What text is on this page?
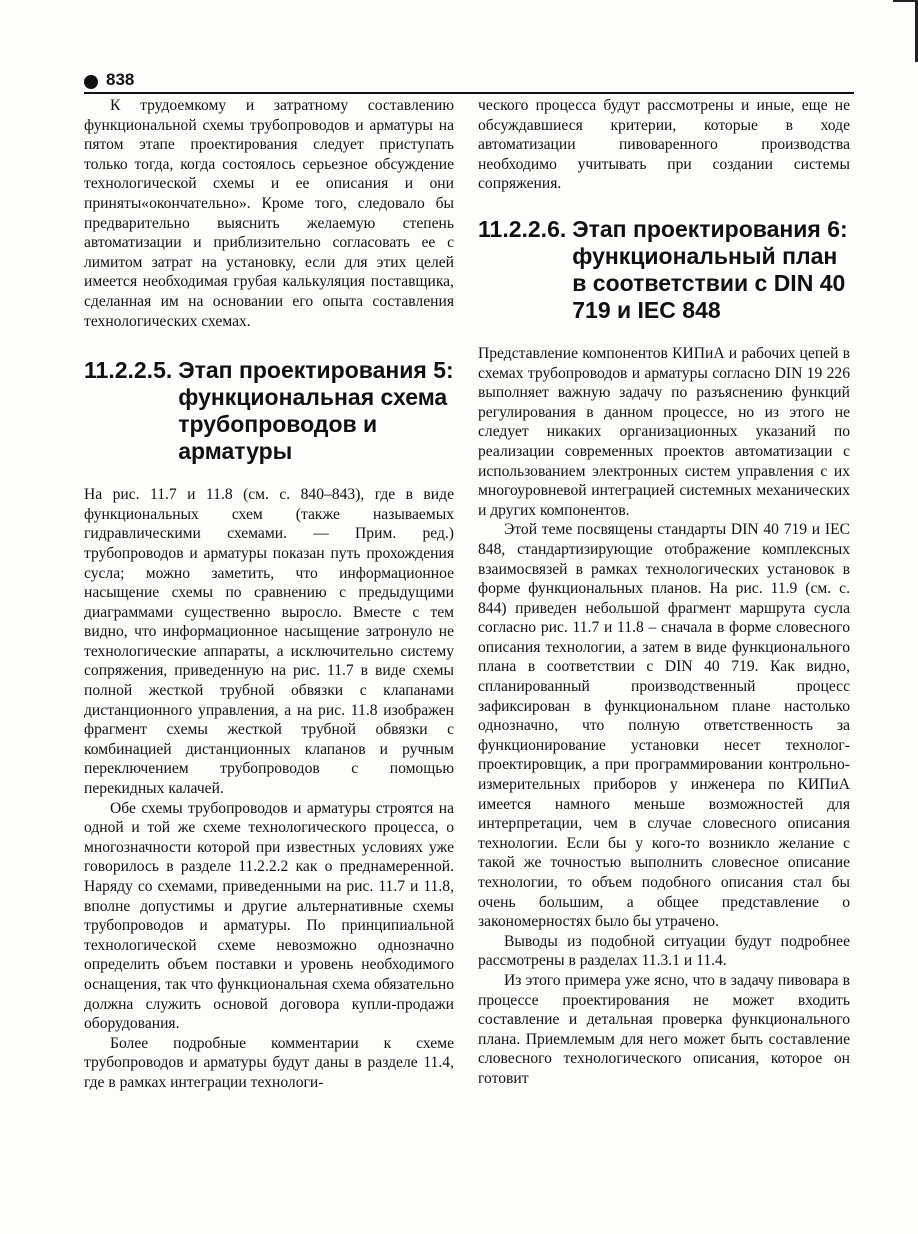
838

К трудоемкому и затратному составлению функциональной схемы трубопроводов и арматуры на пятом этапе проектирования следует приступать только тогда, когда состоялось серьезное обсуждение технологической схемы и ее описания и они приняты«окончательно». Кроме того, следовало бы предварительно выяснить желаемую степень автоматизации и приблизительно согласовать ее с лимитом затрат на установку, если для этих целей имеется необходимая грубая калькуляция поставщика, сделанная им на основании его опыта составления технологических схемах.

11.2.2.5. Этап проектирования 5: функциональная схема трубопроводов и арматуры

На рис. 11.7 и 11.8 (см. с. 840–843), где в виде функциональных схем (также называемых гидравлическими схемами. — Прим. ред.) трубопроводов и арматуры показан путь прохождения сусла; можно заметить, что информационное насыщение схемы по сравнению с предыдущими диаграммами существенно выросло. Вместе с тем видно, что информационное насыщение затронуло не технологические аппараты, а исключительно систему сопряжения, приведенную на рис. 11.7 в виде схемы полной жесткой трубной обвязки с клапанами дистанционного управления, а на рис. 11.8 изображен фрагмент схемы жесткой трубной обвязки с комбинацией дистанционных клапанов и ручным переключением трубопроводов с помощью перекидных калачей.

Обе схемы трубопроводов и арматуры строятся на одной и той же схеме технологического процесса, о многозначности которой при известных условиях уже говорилось в разделе 11.2.2.2 как о преднамеренной. Наряду со схемами, приведенными на рис. 11.7 и 11.8, вполне допустимы и другие альтернативные схемы трубопроводов и арматуры. По принципиальной технологической схеме невозможно однозначно определить объем поставки и уровень необходимого оснащения, так что функциональная схема обязательно должна служить основой договора купли-продажи оборудования.

Более подробные комментарии к схеме трубопроводов и арматуры будут даны в разделе 11.4, где в рамках интеграции технологи-

ческого процесса будут рассмотрены и иные, еще не обсуждавшиеся критерии, которые в ходе автоматизации пивоваренного производства необходимо учитывать при создании системы сопряжения.

11.2.2.6. Этап проектирования 6: функциональный план в соответствии с DIN 40 719 и IEC 848

Представление компонентов КИПиА и рабочих цепей в схемах трубопроводов и арматуры согласно DIN 19 226 выполняет важную задачу по разъяснению функций регулирования в данном процессе, но из этого не следует никаких организационных указаний по реализации современных проектов автоматизации с использованием электронных систем управления с их многоуровневой интеграцией системных механических и других компонентов.

Этой теме посвящены стандарты DIN 40 719 и IEC 848, стандартизирующие отображение комплексных взаимосвязей в рамках технологических установок в форме функциональных планов. На рис. 11.9 (см. с. 844) приведен небольшой фрагмент маршрута сусла согласно рис. 11.7 и 11.8 – сначала в форме словесного описания технологии, а затем в виде функционального плана в соответствии с DIN 40 719. Как видно, спланированный производственный процесс зафиксирован в функциональном плане настолько однозначно, что полную ответственность за функционирование установки несет технолог-проектировщик, а при программировании контрольно-измерительных приборов у инженера по КИПиА имеется намного меньше возможностей для интерпретации, чем в случае словесного описания технологии. Если бы у кого-то возникло желание с такой же точностью выполнить словесное описание технологии, то объем подобного описания стал бы очень большим, а общее представление о закономерностях было бы утрачено.

Выводы из подобной ситуации будут подробнее рассмотрены в разделах 11.3.1 и 11.4.

Из этого примера уже ясно, что в задачу пивовара в процессе проектирования не может входить составление и детальная проверка функционального плана. Приемлемым для него может быть составление словесного технологического описания, которое он готовит
